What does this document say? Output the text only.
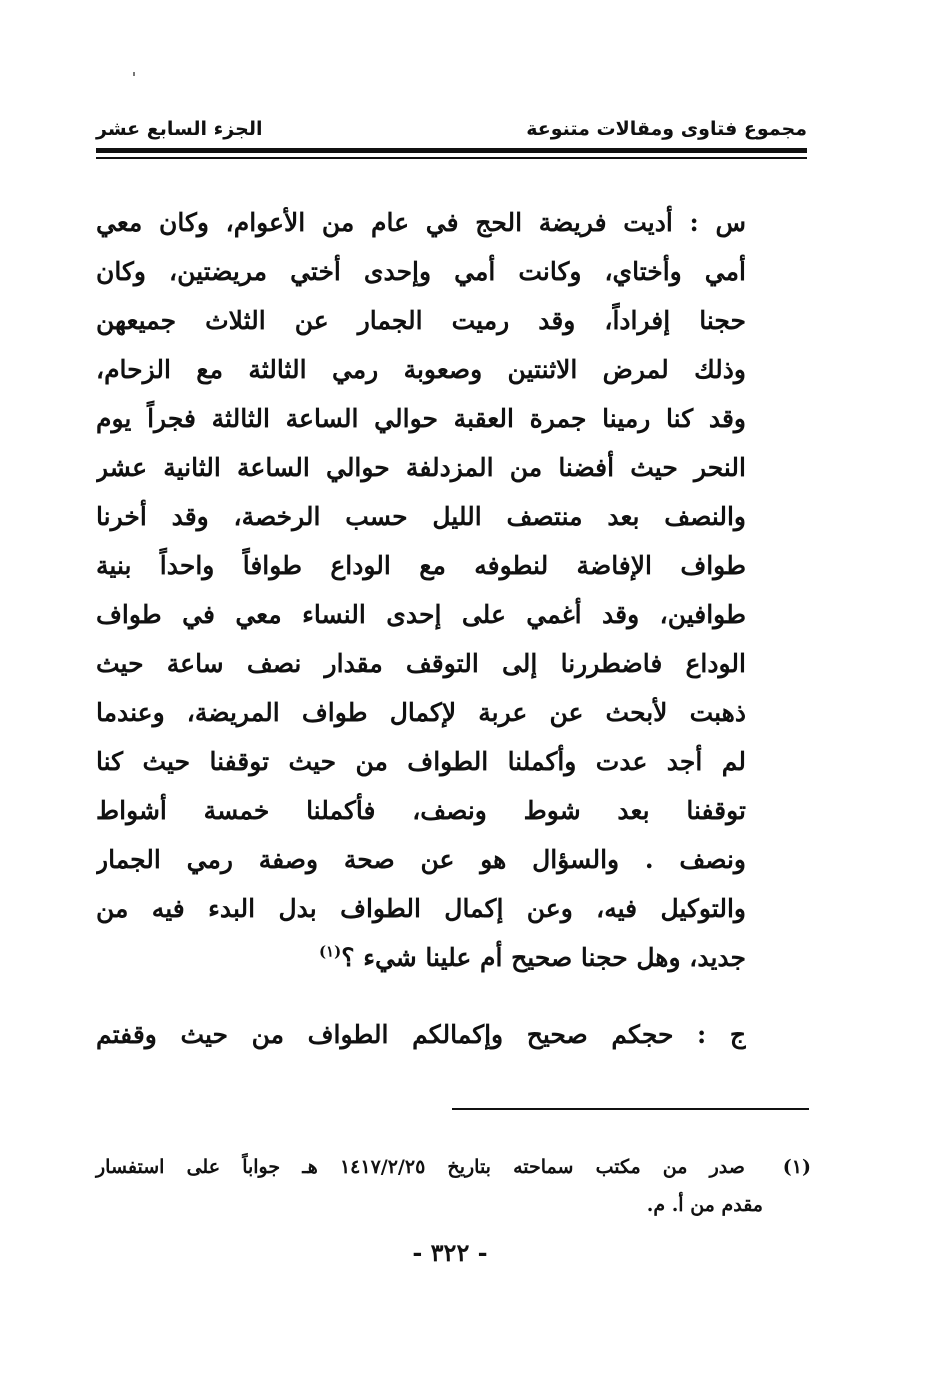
مجموع فتاوى ومقالات متنوعة
الجزء السابع عشر
س : أديت فريضة الحج في عام من الأعوام، وكان معي
أمي وأختاي، وكانت أمي وإحدى أختي مريضتين، وكان
حجنا إفراداً، وقد رميت الجمار عن الثلاث جميعهن
وذلك لمرض الاثنتين وصعوبة رمي الثالثة مع الزحام،
وقد كنا رمينا جمرة العقبة حوالي الساعة الثالثة فجراً يوم
النحر حيث أفضنا من المزدلفة حوالي الساعة الثانية عشر
والنصف بعد منتصف الليل حسب الرخصة، وقد أخرنا
طواف الإفاضة لنطوفه مع الوداع طوافاً واحداً بنية
طوافين، وقد أغمي على إحدى النساء معي في طواف
الوداع فاضطررنا إلى التوقف مقدار نصف ساعة حيث
ذهبت لأبحث عن عربة لإكمال طواف المريضة، وعندما
لم أجد عدت وأكملنا الطواف من حيث توقفنا حيث كنا
توقفنا بعد شوط ونصف، فأكملنا خمسة أشواط
ونصف . والسؤال هو عن صحة وصفة رمي الجمار
والتوكيل فيه، وعن إكمال الطواف بدل البدء فيه من
جديد، وهل حجنا صحيح أم علينا شيء ؟$^{(١)}$
ج : حجكم صحيح وإكمالكم الطواف من حيث وقفتم
(١) صدر من مكتب سماحته بتاريخ ١٤١٧/٢/٢٥ هـ جواباً على استفسار
مقدم من أ. م.
- ٣٢٢ -
